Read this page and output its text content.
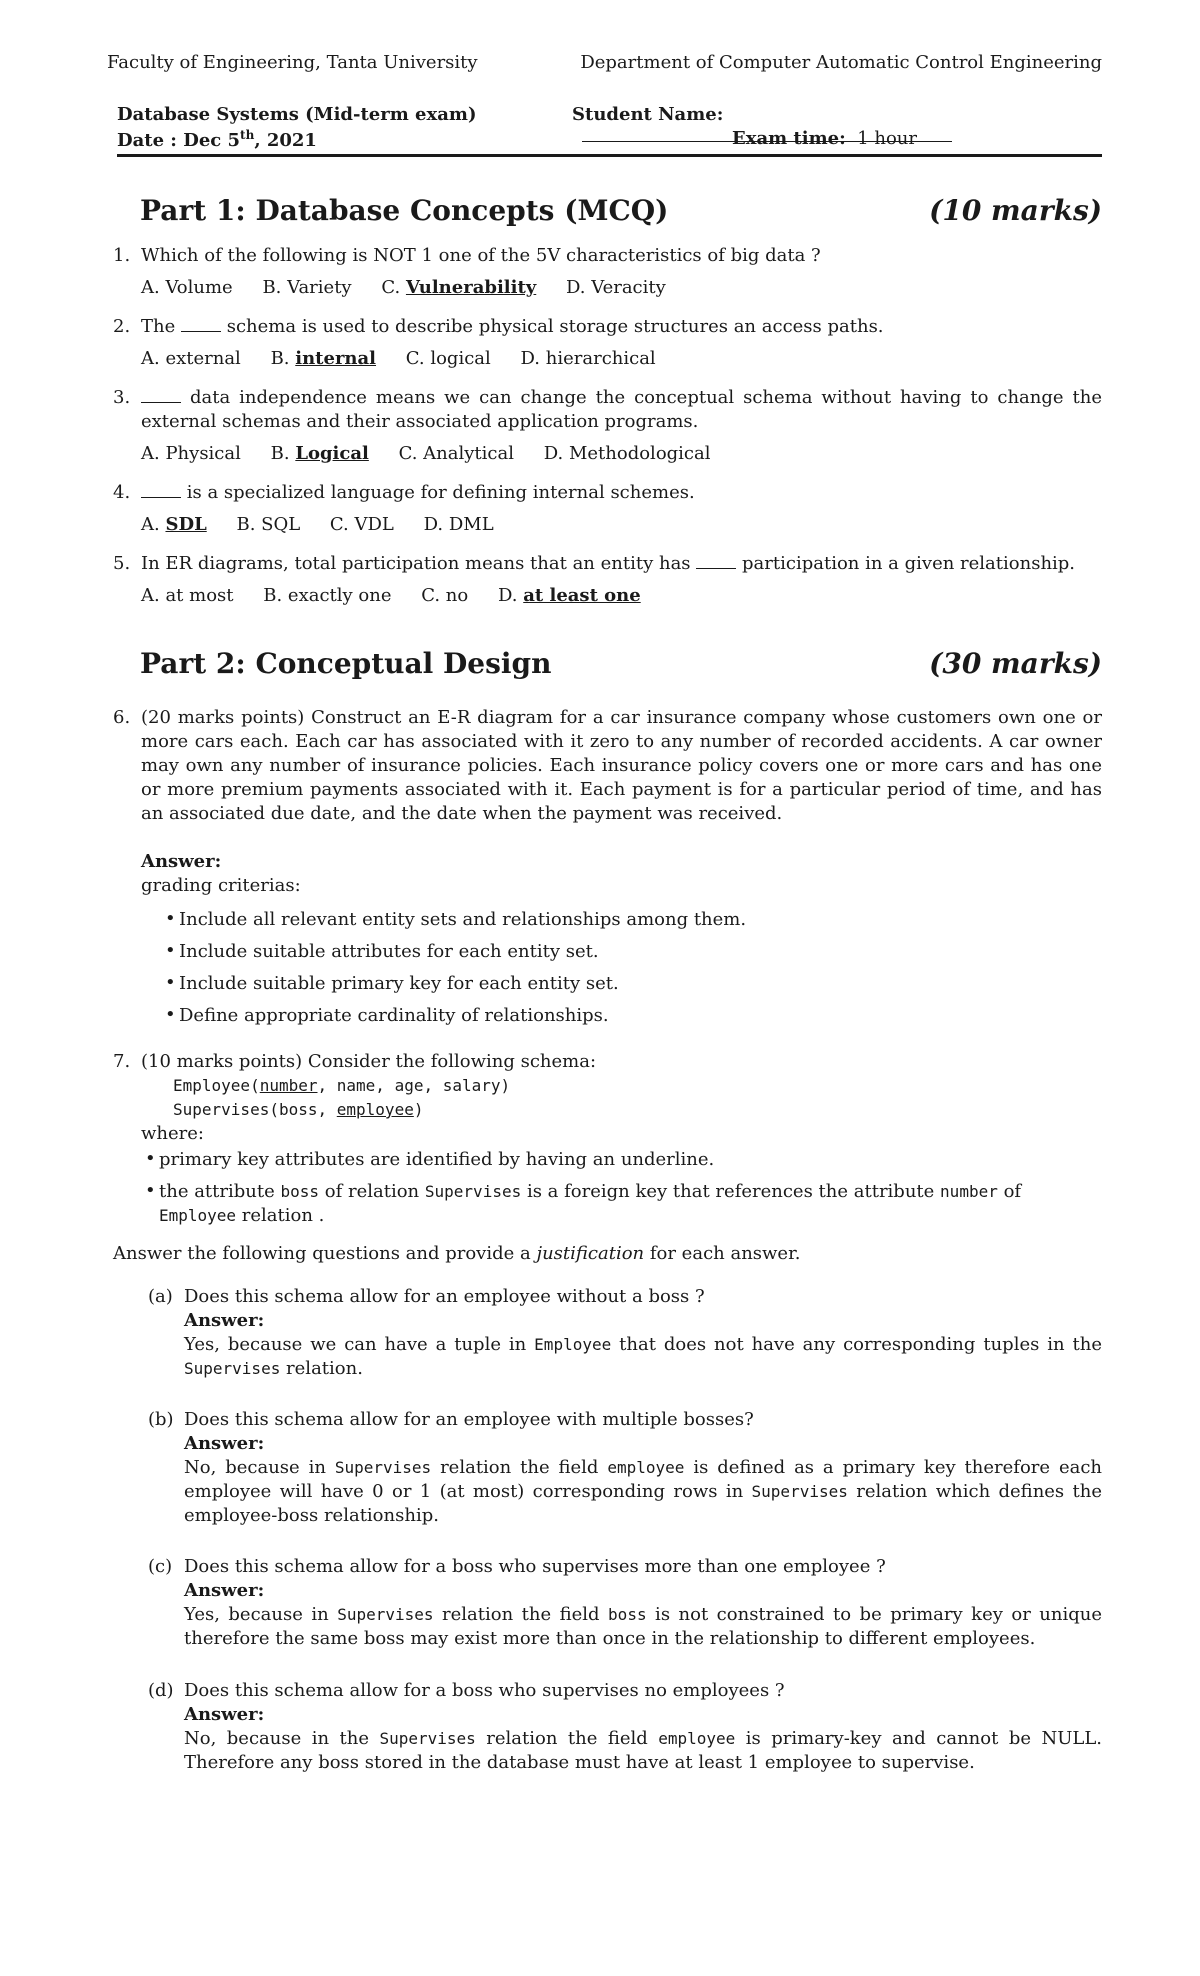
Faculty of Engineering, Tanta University	Department of Computer Automatic Control Engineering
Database Systems (Mid-term exam)	Student Name:
Date : Dec 5th, 2021	Exam time: 1 hour
Part 1: Database Concepts (MCQ)	(10 marks)
1. Which of the following is NOT 1 one of the 5V characteristics of big data ?
A. Volume B. Variety C. Vulnerability D. Veracity
2. The	schema is used to describe physical storage structures an access paths.
A. external B. internal C. logical D. hierarchical
3.	data independence means we can change the conceptual schema without having to change the external schemas and their associated application programs.
A. Physical B. Logical C. Analytical D. Methodological
4.	is a specialized language for defining internal schemes.
A. SDL B. SQL C. VDL D. DML
5. In ER diagrams, total participation means that an entity has	participation in a given relationship.
A. at most B. exactly one C. no D. at least one
Part 2: Conceptual Design	(30 marks)
6. (20 marks points) Construct an E-R diagram for a car insurance company whose customers own one or more cars each. Each car has associated with it zero to any number of recorded accidents. A car owner may own any number of insurance policies. Each insurance policy covers one or more cars and has one or more premium payments associated with it. Each payment is for a particular period of time, and has an associated due date, and the date when the payment was received.
Answer:
grading criterias:
• Include all relevant entity sets and relationships among them.
• Include suitable attributes for each entity set.
• Include suitable primary key for each entity set.
• Define appropriate cardinality of relationships.
7. (10 marks points) Consider the following schema:
Employee(number, name, age, salary)
Supervises(boss, employee)
where:
• primary key attributes are identified by having an underline.
• the attribute boss of relation Supervises is a foreign key that references the attribute number of Employee relation .
Answer the following questions and provide a justification for each answer.
(a) Does this schema allow for an employee without a boss ?
Answer:
Yes, because we can have a tuple in Employee that does not have any corresponding tuples in the Supervises relation.
(b) Does this schema allow for an employee with multiple bosses?
Answer:
No, because in Supervises relation the field employee is defined as a primary key therefore each employee will have 0 or 1 (at most) corresponding rows in Supervises relation which defines the employee-boss relationship.
(c) Does this schema allow for a boss who supervises more than one employee ?
Answer:
Yes, because in Supervises relation the field boss is not constrained to be primary key or unique therefore the same boss may exist more than once in the relationship to different employees.
(d) Does this schema allow for a boss who supervises no employees ?
Answer:
No, because in the Supervises relation the field employee is primary-key and cannot be NULL. Therefore any boss stored in the database must have at least 1 employee to supervise.
